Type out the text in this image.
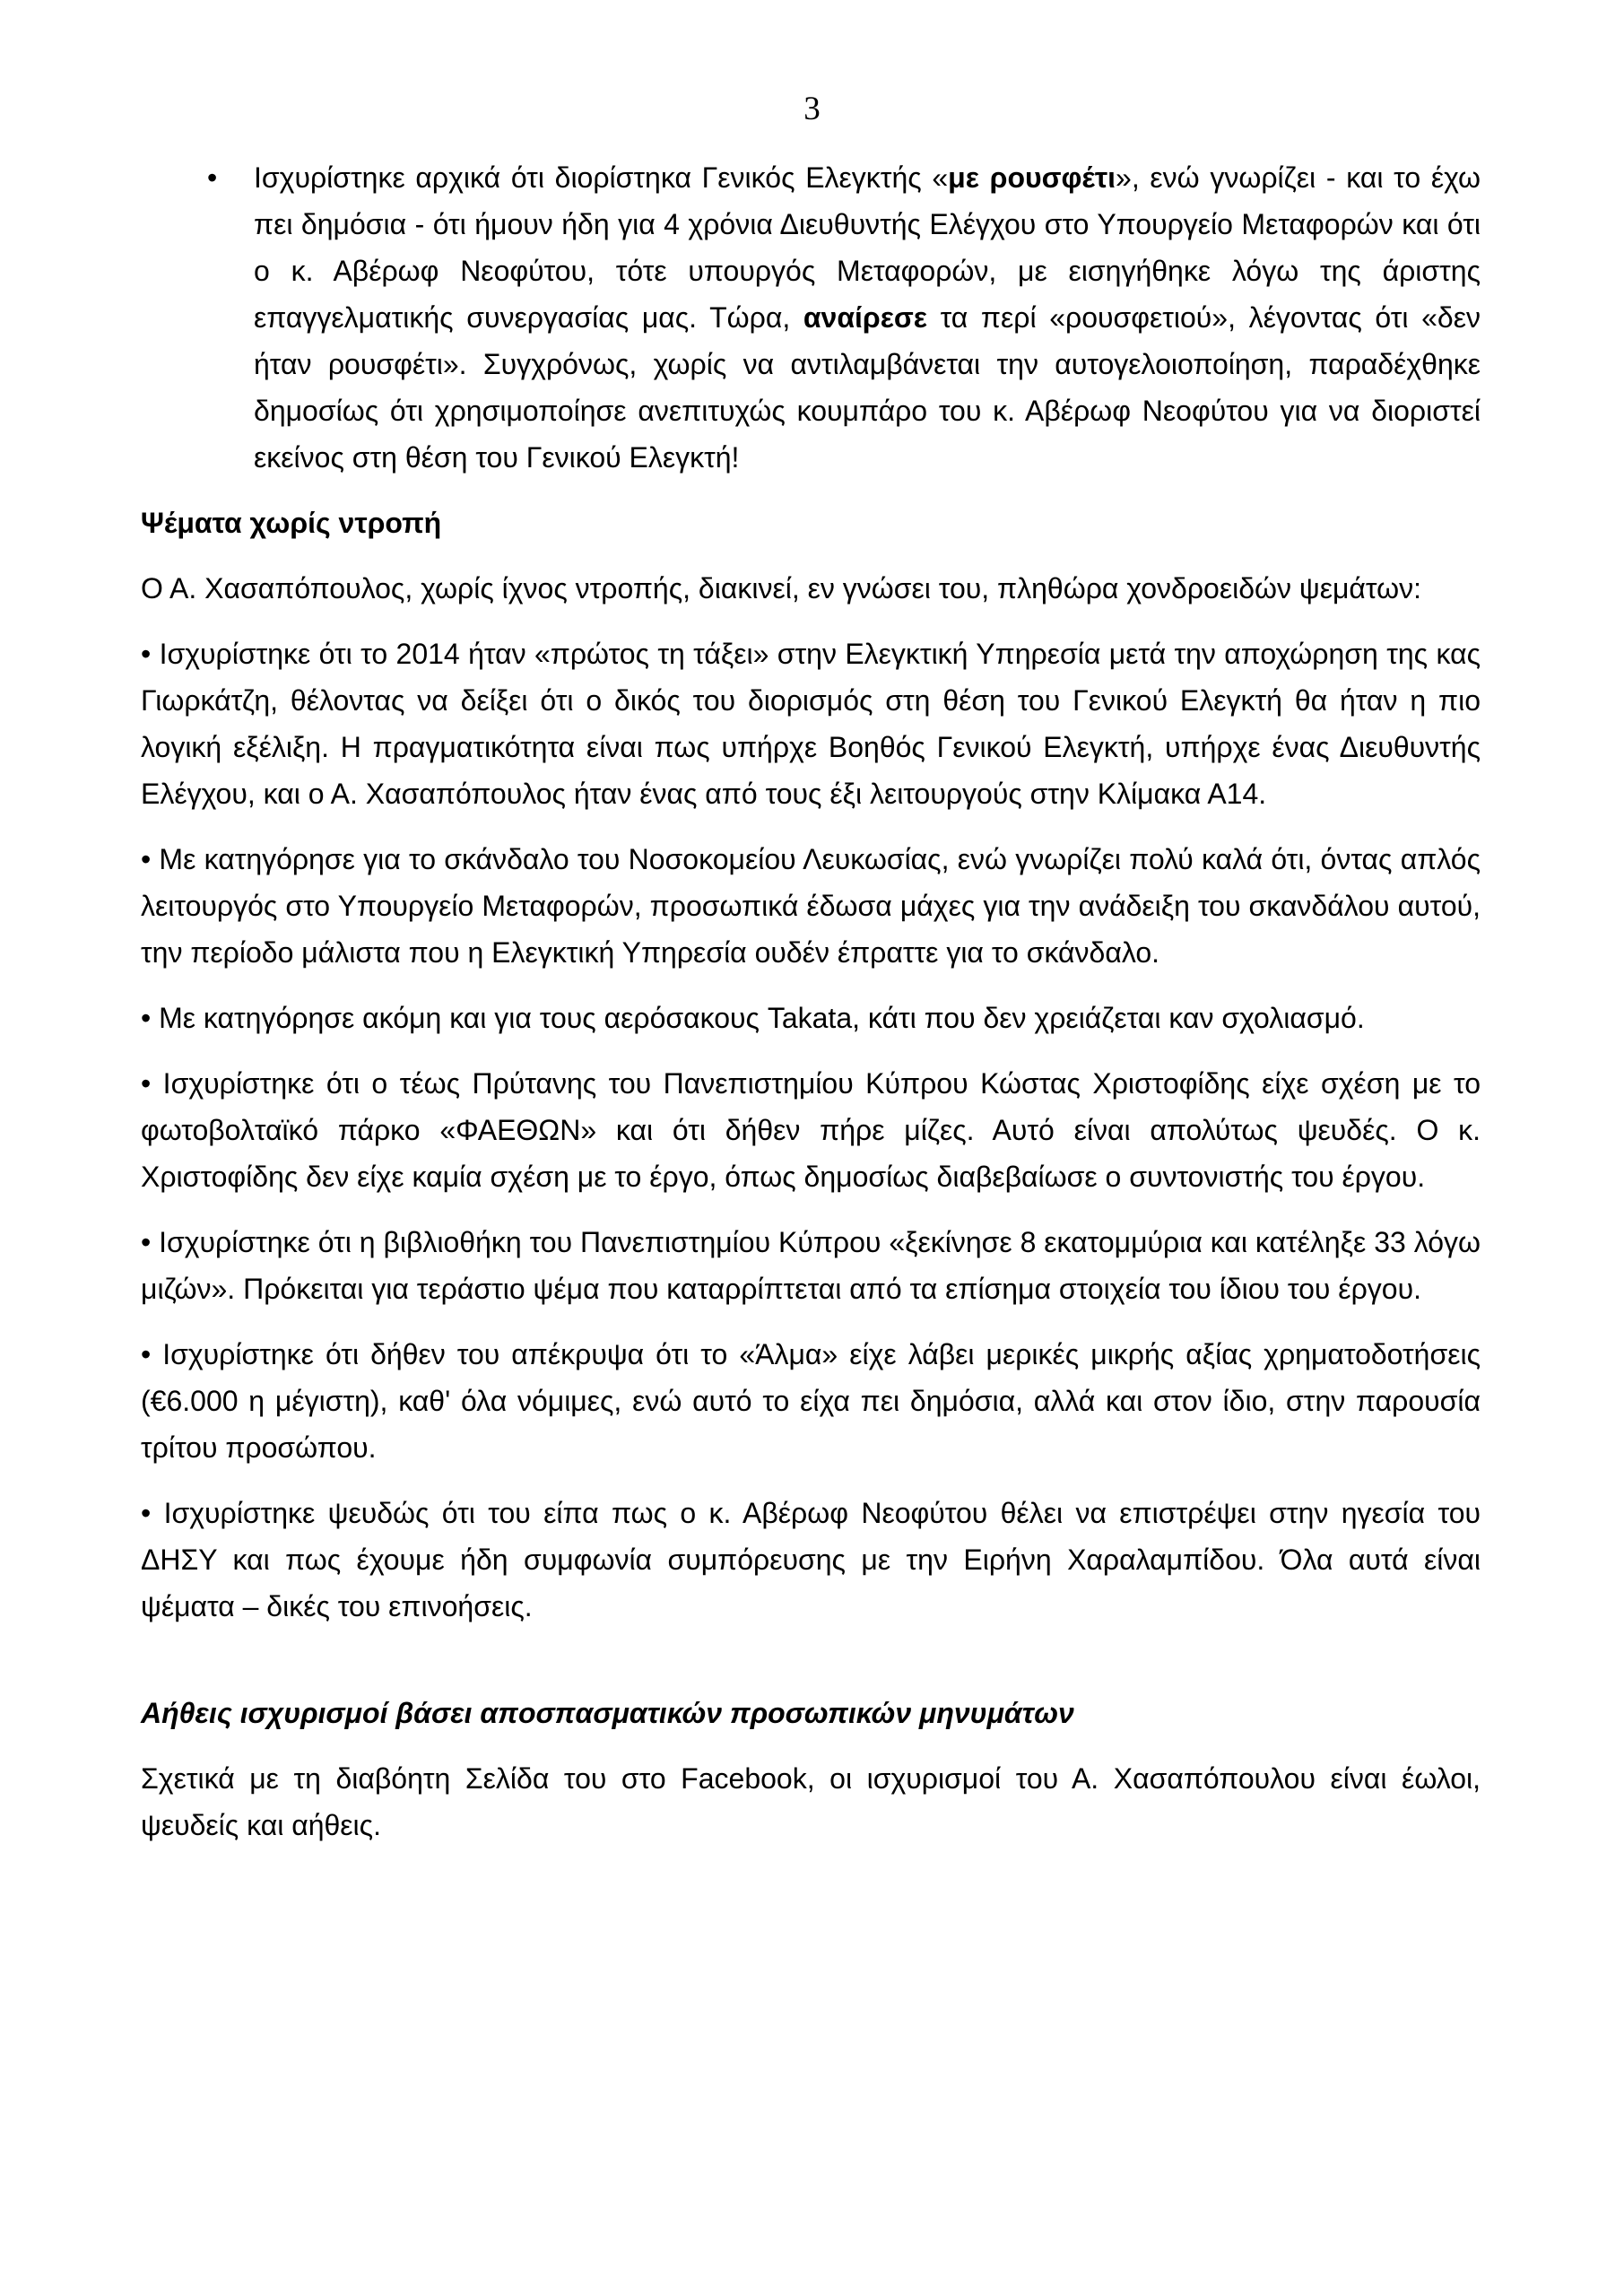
3
• Ισχυρίστηκε αρχικά ότι διορίστηκα Γενικός Ελεγκτής «με ρουσφέτι», ενώ γνωρίζει - και το έχω πει δημόσια - ότι ήμουν ήδη για 4 χρόνια Διευθυντής Ελέγχου στο Υπουργείο Μεταφορών και ότι ο κ. Αβέρωφ Νεοφύτου, τότε υπουργός Μεταφορών, με εισηγήθηκε λόγω της άριστης επαγγελματικής συνεργασίας μας. Τώρα, αναίρεσε τα περί «ρουσφετιού», λέγοντας ότι «δεν ήταν ρουσφέτι». Συγχρόνως, χωρίς να αντιλαμβάνεται την αυτογελοιοποίηση, παραδέχθηκε δημοσίως ότι χρησιμοποίησε ανεπιτυχώς κουμπάρο του κ. Αβέρωφ Νεοφύτου για να διοριστεί εκείνος στη θέση του Γενικού Ελεγκτή!
Ψέματα χωρίς ντροπή
Ο Α. Χασαπόπουλος, χωρίς ίχνος ντροπής, διακινεί, εν γνώσει του, πληθώρα χονδροειδών ψεμάτων:
• Ισχυρίστηκε ότι το 2014 ήταν «πρώτος τη τάξει» στην Ελεγκτική Υπηρεσία μετά την αποχώρηση της κας Γιωρκάτζη, θέλοντας να δείξει ότι ο δικός του διορισμός στη θέση του Γενικού Ελεγκτή θα ήταν η πιο λογική εξέλιξη. Η πραγματικότητα είναι πως υπήρχε Βοηθός Γενικού Ελεγκτή, υπήρχε ένας Διευθυντής Ελέγχου, και ο Α. Χασαπόπουλος ήταν ένας από τους έξι λειτουργούς στην Κλίμακα Α14.
• Με κατηγόρησε για το σκάνδαλο του Νοσοκομείου Λευκωσίας, ενώ γνωρίζει πολύ καλά ότι, όντας απλός λειτουργός στο Υπουργείο Μεταφορών, προσωπικά έδωσα μάχες για την ανάδειξη του σκανδάλου αυτού, την περίοδο μάλιστα που η Ελεγκτική Υπηρεσία ουδέν έπραττε για το σκάνδαλο.
• Με κατηγόρησε ακόμη και για τους αερόσακους Takata, κάτι που δεν χρειάζεται καν σχολιασμό.
• Ισχυρίστηκε ότι ο τέως Πρύτανης του Πανεπιστημίου Κύπρου Κώστας Χριστοφίδης είχε σχέση με το φωτοβολταϊκό πάρκο «ΦΑΕΘΩΝ» και ότι δήθεν πήρε μίζες. Αυτό είναι απολύτως ψευδές. Ο κ. Χριστοφίδης δεν είχε καμία σχέση με το έργο, όπως δημοσίως διαβεβαίωσε ο συντονιστής του έργου.
• Ισχυρίστηκε ότι η βιβλιοθήκη του Πανεπιστημίου Κύπρου «ξεκίνησε 8 εκατομμύρια και κατέληξε 33 λόγω μιζών». Πρόκειται για τεράστιο ψέμα που καταρρίπτεται από τα επίσημα στοιχεία του ίδιου του έργου.
• Ισχυρίστηκε ότι δήθεν του απέκρυψα ότι το «Άλμα» είχε λάβει μερικές μικρής αξίας χρηματοδοτήσεις (€6.000 η μέγιστη), καθ' όλα νόμιμες, ενώ αυτό το είχα πει δημόσια, αλλά και στον ίδιο, στην παρουσία τρίτου προσώπου.
• Ισχυρίστηκε ψευδώς ότι του είπα πως ο κ. Αβέρωφ Νεοφύτου θέλει να επιστρέψει στην ηγεσία του ΔΗΣΥ και πως έχουμε ήδη συμφωνία συμπόρευσης με την Ειρήνη Χαραλαμπίδου. Όλα αυτά είναι ψέματα – δικές του επινοήσεις.
Αήθεις ισχυρισμοί βάσει αποσπασματικών προσωπικών μηνυμάτων
Σχετικά με τη διαβόητη Σελίδα του στο Facebook, οι ισχυρισμοί του Α. Χασαπόπουλου είναι έωλοι, ψευδείς και αήθεις.
